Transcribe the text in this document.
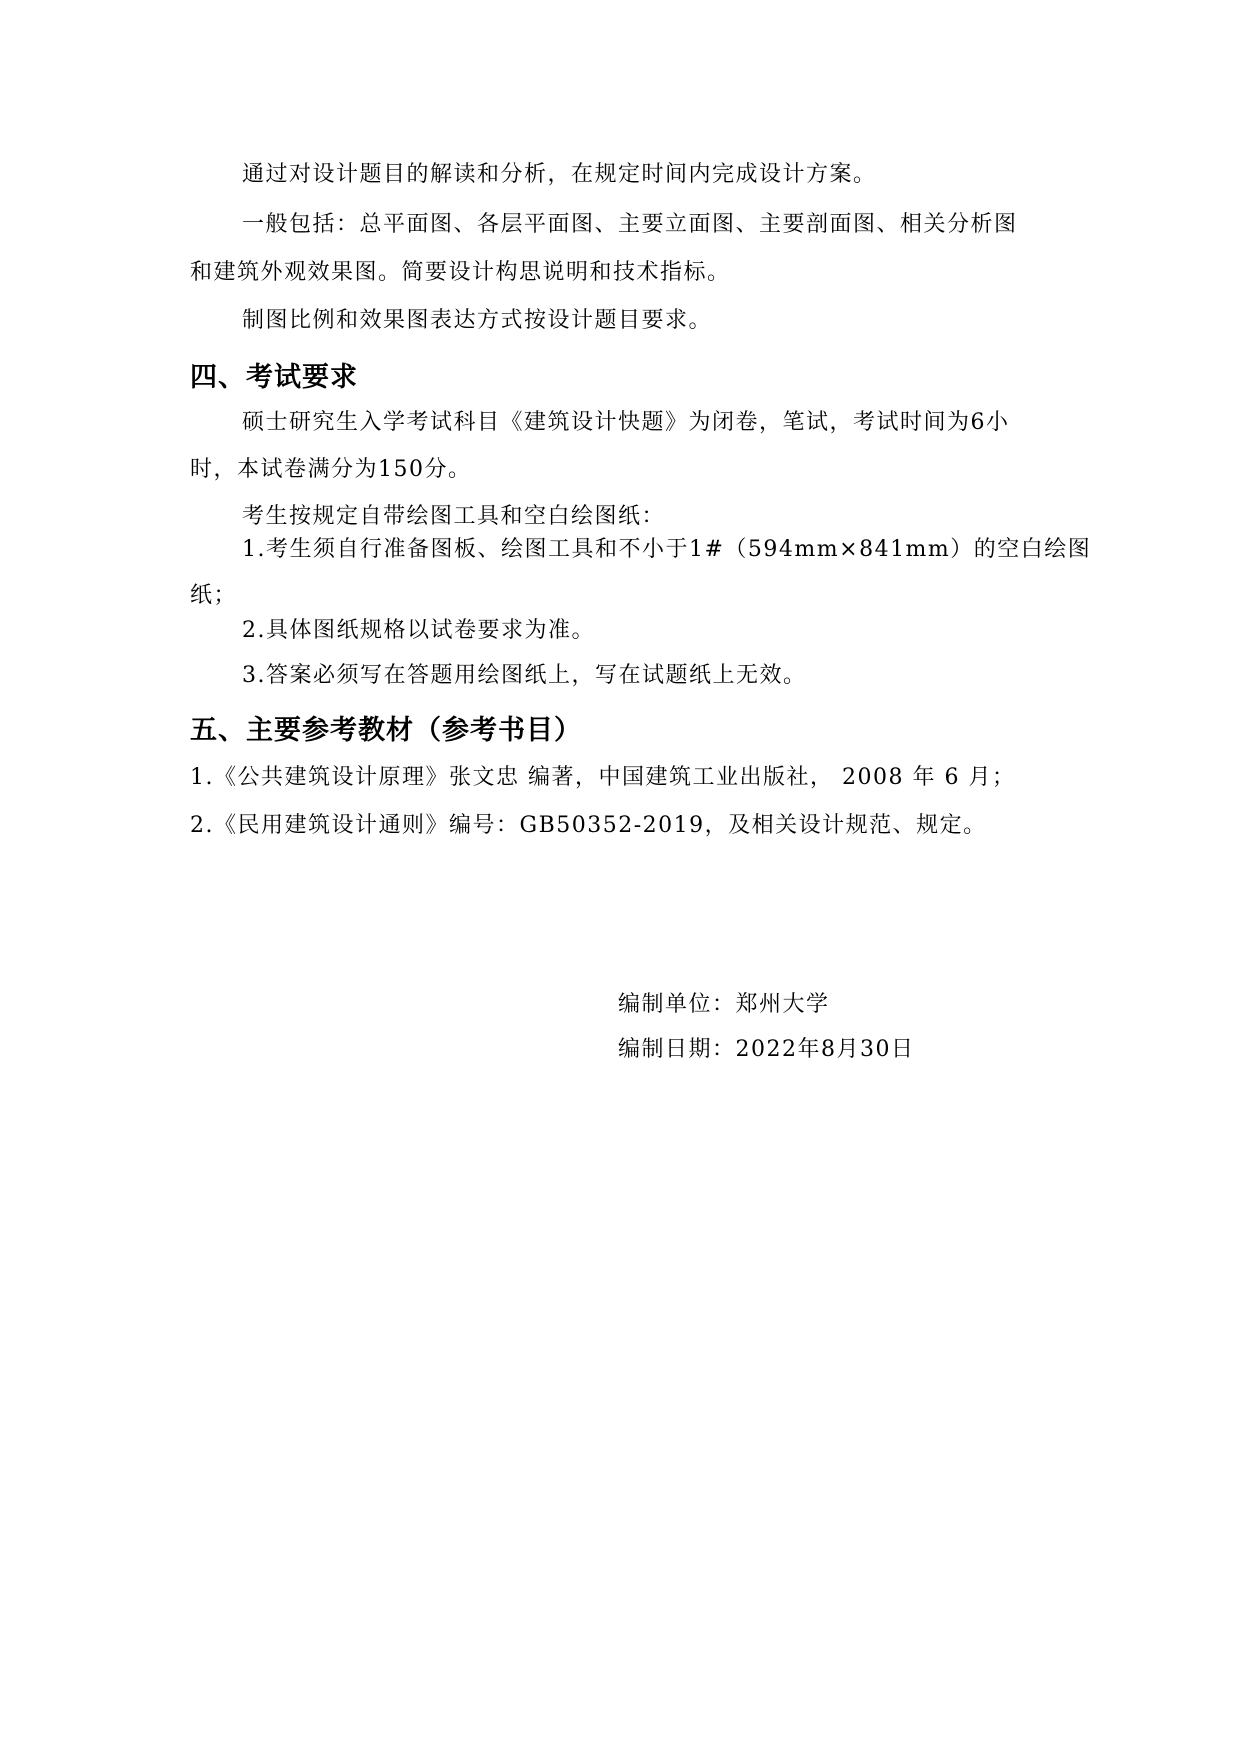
通过对设计题目的解读和分析，在规定时间内完成设计方案。
一般包括：总平面图、各层平面图、主要立面图、主要剖面图、相关分析图
和建筑外观效果图。简要设计构思说明和技术指标。
制图比例和效果图表达方式按设计题目要求。
四、考试要求
硕士研究生入学考试科目《建筑设计快题》为闭卷，笔试，考试时间为6小
时，本试卷满分为150分。
考生按规定自带绘图工具和空白绘图纸：
1.考生须自行准备图板、绘图工具和不小于1#（594mm×841mm）的空白绘图
纸；
2.具体图纸规格以试卷要求为准。
3.答案必须写在答题用绘图纸上，写在试题纸上无效。
五、主要参考教材（参考书目）
1.《公共建筑设计原理》张文忠 编著，中国建筑工业出版社， 2008 年 6 月；
2.《民用建筑设计通则》编号：GB50352-2019，及相关设计规范、规定。
编制单位：郑州大学
编制日期：2022年8月30日
